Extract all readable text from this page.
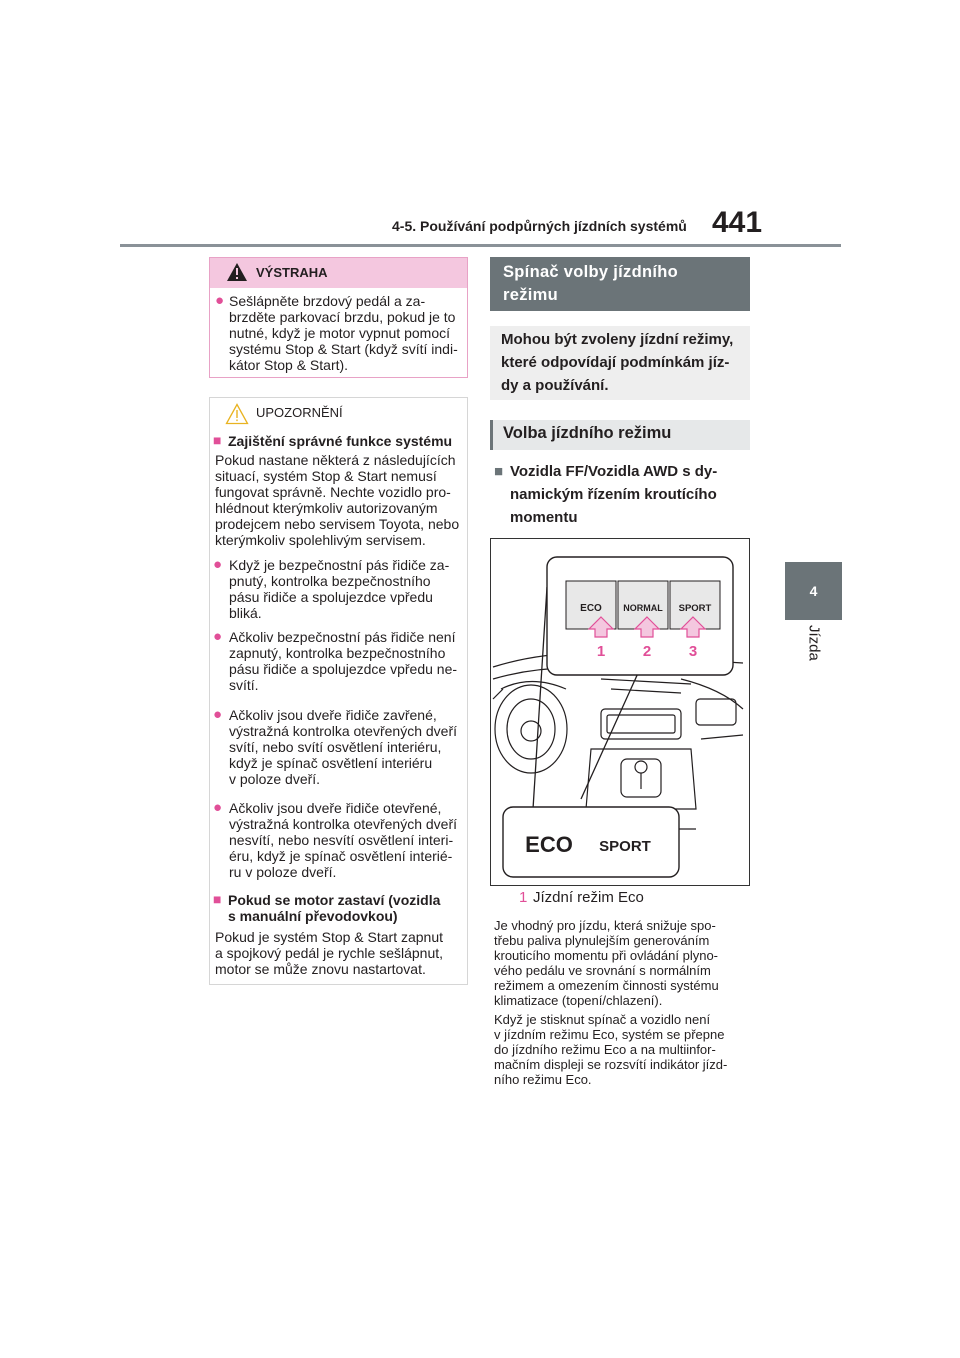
4-5. Používání podpůrných jízdních systémů 441
4
Jízda
VÝSTRAHA
● Sešlápněte brzdový pedál a za-
brzděte parkovací brzdu, pokud je to
nutné, když je motor vypnut pomocí
systému Stop & Start (když svítí indi-
kátor Stop & Start).
UPOZORNĚNÍ
■ Zajištění správné funkce systému
Pokud nastane některá z následujících
situací, systém Stop & Start nemusí
fungovat správně. Nechte vozidlo pro-
hlédnout kterýmkoliv autorizovaným
prodejcem nebo servisem Toyota, nebo
kterýmkoliv spolehlivým servisem.
● Když je bezpečnostní pás řidiče za-
pnutý, kontrolka bezpečnostního
pásu řidiče a spolujezdce vpředu
bliká.
● Ačkoliv bezpečnostní pás řidiče není
zapnutý, kontrolka bezpečnostního
pásu řidiče a spolujezdce vpředu ne-
svítí.
● Ačkoliv jsou dveře řidiče zavřené,
výstražná kontrolka otevřených dveří
svítí, nebo svítí osvětlení interiéru,
když je spínač osvětlení interiéru
v poloze dveří.
● Ačkoliv jsou dveře řidiče otevřené,
výstražná kontrolka otevřených dveří
nesvítí, nebo nesvítí osvětlení interi-
éru, když je spínač osvětlení interié-
ru v poloze dveří.
■ Pokud se motor zastaví (vozidla
s manuální převodovkou)
Pokud je systém Stop & Start zapnut
a spojkový pedál je rychle sešlápnut,
motor se může znovu nastartovat.
Spínač volby jízdního
režimu
Mohou být zvoleny jízdní režimy,
které odpovídají podmínkám jíz-
dy a používání.
Volba jízdního režimu
■ Vozidla FF/Vozidla AWD s dy-
namickým řízením kroutícího
momentu
ECO NORMAL SPORT
1	2	3
ECO SPORT
1 Jízdní režim Eco
Je vhodný pro jízdu, která snižuje spo-
třebu paliva plynulejším generováním
krouticího momentu při ovládání plyno-
vého pedálu ve srovnání s normálním
režimem a omezením činnosti systému
klimatizace (topení/chlazení).
Když je stisknut spínač a vozidlo není
v jízdním režimu Eco, systém se přepne
do jízdního režimu Eco a na multiinfor-
mačním displeji se rozsvítí indikátor jízd-
ního režimu Eco.
